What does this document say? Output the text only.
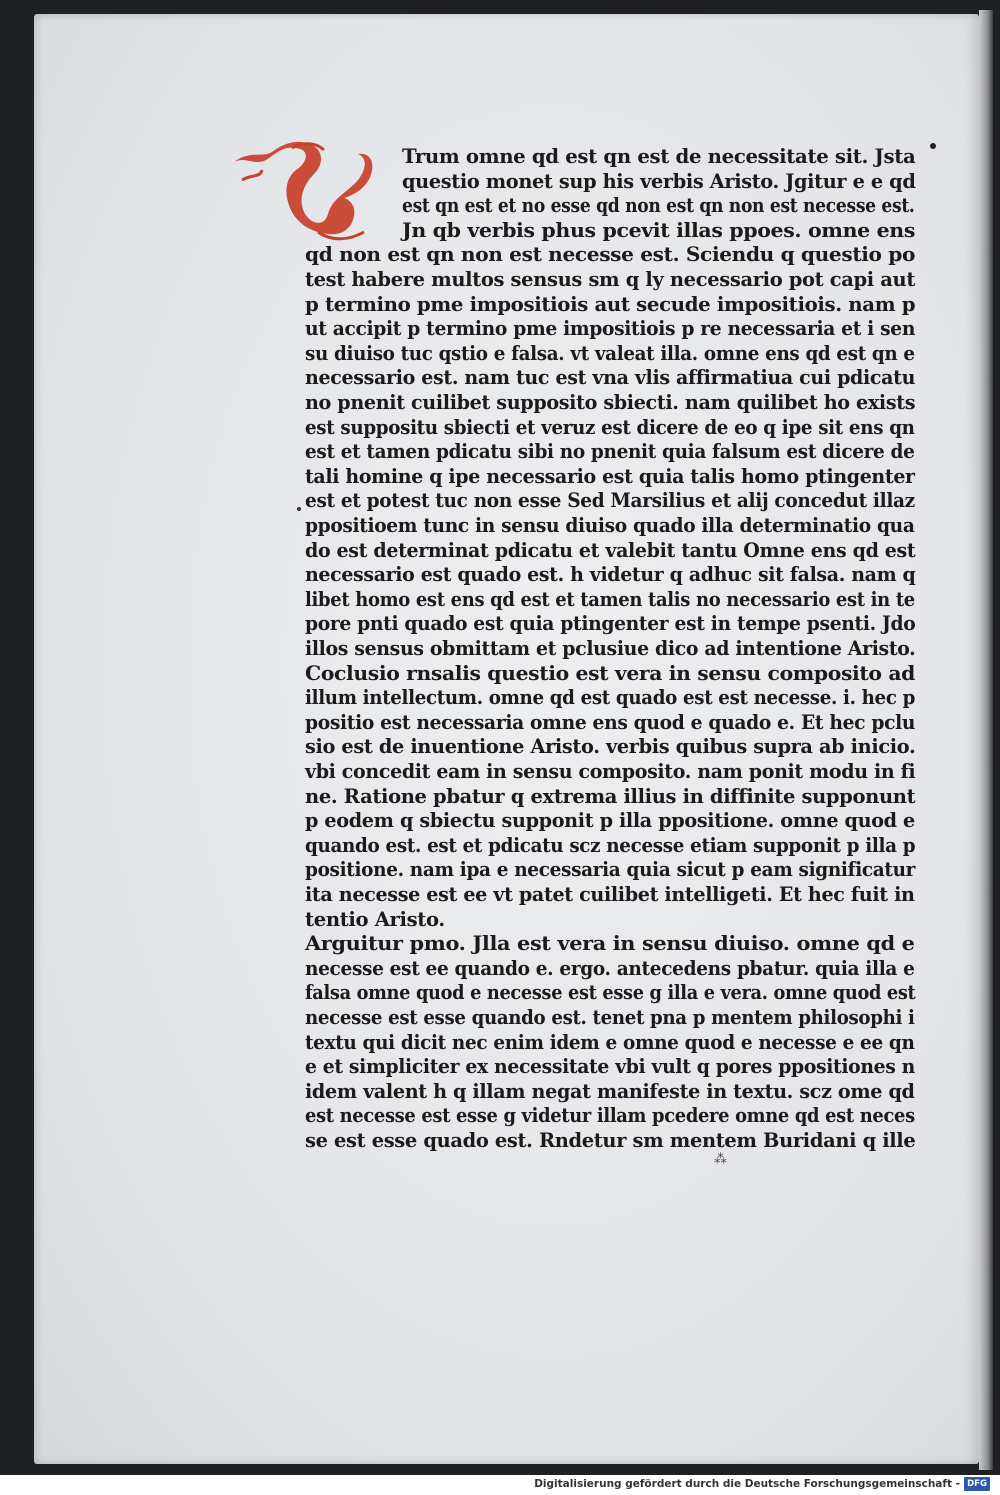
⁂
Trum omne qd est qn est de necessitate sit. Jsta
questio monet sup his verbis Aristo. Jgitur e e qd
est qn est et no esse qd non est qn non est necesse est.
Jn qb verbis phus pcevit illas ppoes. omne ens
qd non est qn non est necesse est. Sciendu q questio po
test habere multos sensus sm q ly necessario pot capi aut
p termino pme impositiois aut secude impositiois. nam p
ut accipit p termino pme impositiois p re necessaria et i sen
su diuiso tuc qstio e falsa. vt valeat illa. omne ens qd est qn e
necessario est. nam tuc est vna vlis affirmatiua cui pdicatu
no pnenit cuilibet supposito sbiecti. nam quilibet ho exists
est suppositu sbiecti et veruz est dicere de eo q ipe sit ens qn
est et tamen pdicatu sibi no pnenit quia falsum est dicere de
tali homine q ipe necessario est quia talis homo ptingenter
est et potest tuc non esse Sed Marsilius et alij concedut illaz
ppositioem tunc in sensu diuiso quado illa determinatio qua
do est determinat pdicatu et valebit tantu Omne ens qd est
necessario est quado est. h videtur q adhuc sit falsa. nam q
libet homo est ens qd est et tamen talis no necessario est in te
pore pnti quado est quia ptingenter est in tempe psenti. Jdo
illos sensus obmittam et pclusiue dico ad intentione Aristo.
Coclusio rnsalis questio est vera in sensu composito ad
illum intellectum. omne qd est quado est est necesse. i. hec p
positio est necessaria omne ens quod e quado e. Et hec pclu
sio est de inuentione Aristo. verbis quibus supra ab inicio.
vbi concedit eam in sensu composito. nam ponit modu in fi
ne. Ratione pbatur q extrema illius in diffinite supponunt
p eodem q sbiectu supponit p illa ppositione. omne quod e
quando est. est et pdicatu scz necesse etiam supponit p illa p
positione. nam ipa e necessaria quia sicut p eam significatur
ita necesse est ee vt patet cuilibet intelligeti. Et hec fuit in
tentio Aristo.
Arguitur pmo. Jlla est vera in sensu diuiso. omne qd e
necesse est ee quando e. ergo. antecedens pbatur. quia illa e
falsa omne quod e necesse est esse g illa e vera. omne quod est
necesse est esse quando est. tenet pna p mentem philosophi i
textu qui dicit nec enim idem e omne quod e necesse e ee qn
e et simpliciter ex necessitate vbi vult q pores ppositiones n
idem valent h q illam negat manifeste in textu. scz ome qd
est necesse est esse g videtur illam pcedere omne qd est neces
se est esse quado est. Rndetur sm mentem Buridani q ille
Digitalisierung gefördert durch die Deutsche Forschungsgemeinschaft - DFG
